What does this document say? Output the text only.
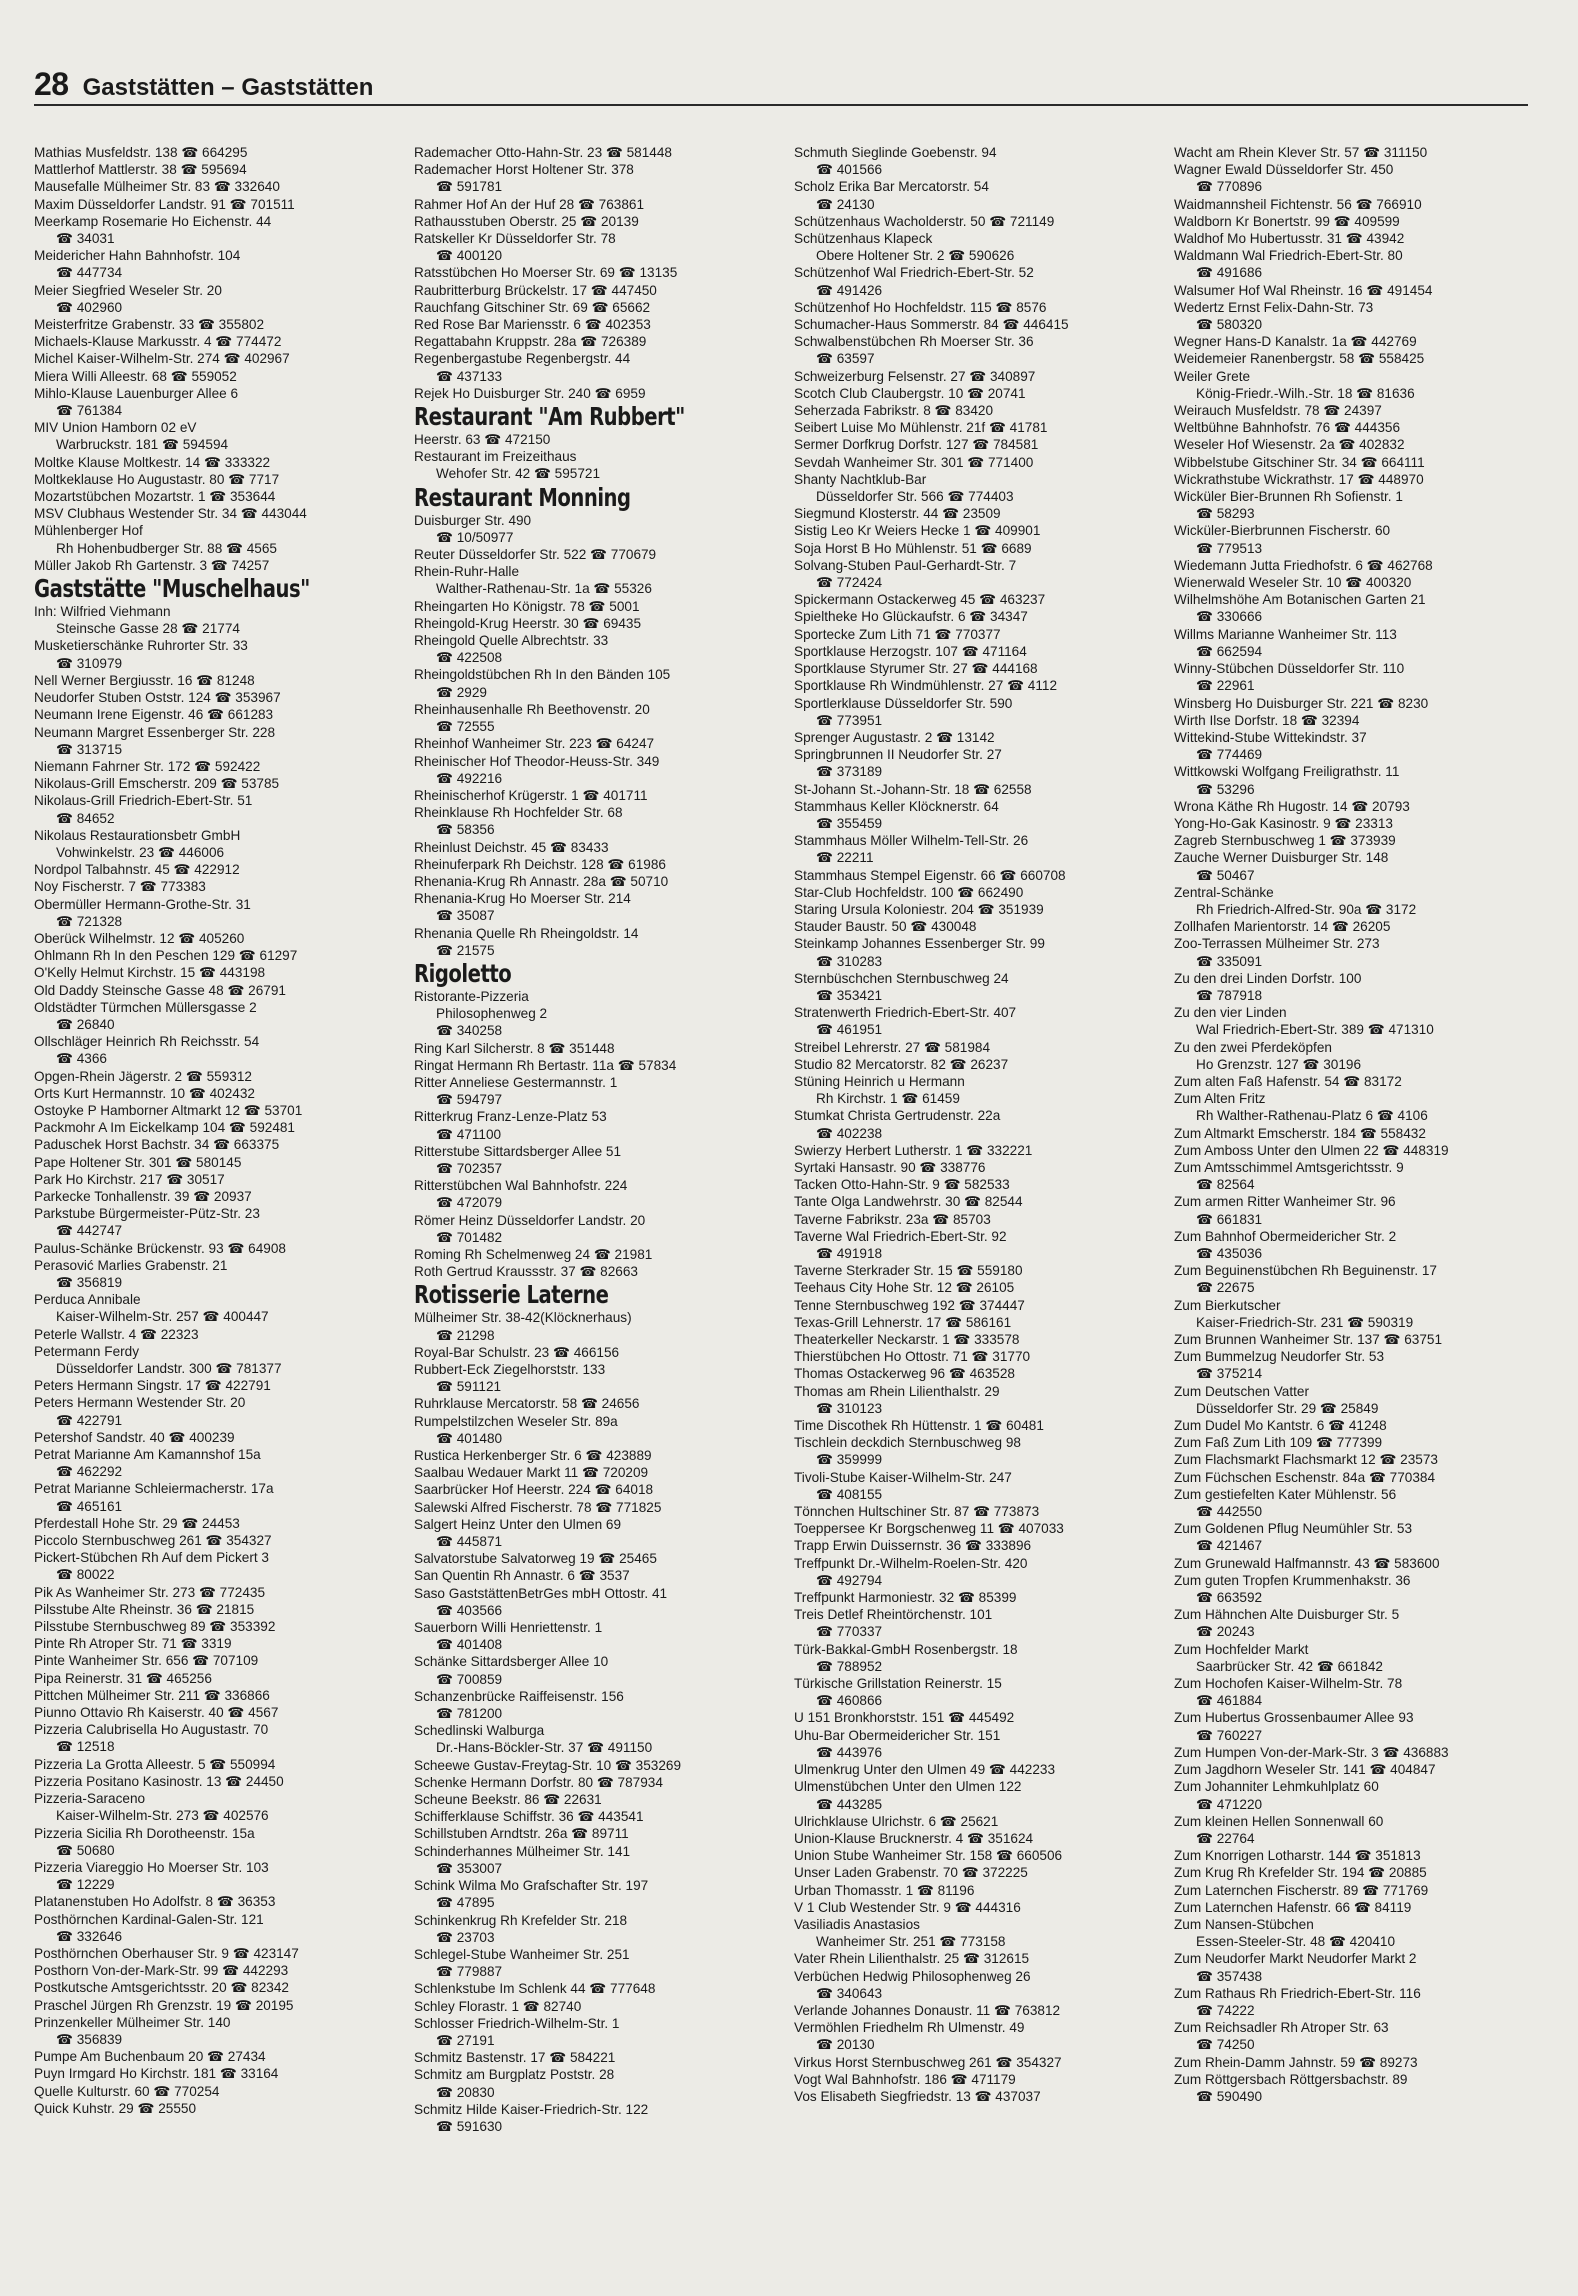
28 Gaststätten – Gaststätten
Mathias Musfeldstr. 138 ☎ 664295
Mattlerhof Mattlerstr. 38 ☎ 595694
Mausefalle Mülheimer Str. 83 ☎ 332640
Maxim Düsseldorfer Landstr. 91 ☎ 701511
Meerkamp Rosemarie Ho Eichenstr. 44
☎ 34031
Meidericher Hahn Bahnhofstr. 104
☎ 447734
Meier Siegfried Weseler Str. 20
☎ 402960
Meisterfritze Grabenstr. 33 ☎ 355802
Michaels-Klause Markusstr. 4 ☎ 774472
Michel Kaiser-Wilhelm-Str. 274 ☎ 402967
Miera Willi Alleestr. 68 ☎ 559052
Mihlo-Klause Lauenburger Allee 6
☎ 761384
MIV Union Hamborn 02 eV
Warbruckstr. 181 ☎ 594594
Moltke Klause Moltkestr. 14 ☎ 333322
Moltkeklause Ho Augustastr. 80 ☎ 7717
Mozartstübchen Mozartstr. 1 ☎ 353644
MSV Clubhaus Westender Str. 34 ☎ 443044
Mühlenberger Hof
Rh Hohenbudberger Str. 88 ☎ 4565
Müller Jakob Rh Gartenstr. 3 ☎ 74257
Gaststätte "Muschelhaus"
Inh: Wilfried Viehmann
Steinsche Gasse 28 ☎ 21774
Musketierschänke Ruhrorter Str. 33
☎ 310979
Nell Werner Bergiusstr. 16 ☎ 81248
Neudorfer Stuben Oststr. 124 ☎ 353967
Neumann Irene Eigenstr. 46 ☎ 661283
Neumann Margret Essenberger Str. 228
☎ 313715
Niemann Fahrner Str. 172 ☎ 592422
Nikolaus-Grill Emscherstr. 209 ☎ 53785
Nikolaus-Grill Friedrich-Ebert-Str. 51
☎ 84652
Nikolaus Restaurationsbetr GmbH
Vohwinkelstr. 23 ☎ 446006
Nordpol Talbahnstr. 45 ☎ 422912
Noy Fischerstr. 7 ☎ 773383
Obermüller Hermann-Grothe-Str. 31
☎ 721328
Oberück Wilhelmstr. 12 ☎ 405260
Ohlmann Rh In den Peschen 129 ☎ 61297
O'Kelly Helmut Kirchstr. 15 ☎ 443198
Old Daddy Steinsche Gasse 48 ☎ 26791
Oldstädter Türmchen Müllersgasse 2
☎ 26840
Ollschläger Heinrich Rh Reichsstr. 54
☎ 4366
Opgen-Rhein Jägerstr. 2 ☎ 559312
Orts Kurt Hermannstr. 10 ☎ 402432
Ostoyke P Hamborner Altmarkt 12 ☎ 53701
Packmohr A Im Eickelkamp 104 ☎ 592481
Paduschek Horst Bachstr. 34 ☎ 663375
Pape Holtener Str. 301 ☎ 580145
Park Ho Kirchstr. 217 ☎ 30517
Parkecke Tonhallenstr. 39 ☎ 20937
Parkstube Bürgermeister-Pütz-Str. 23
☎ 442747
Paulus-Schänke Brückenstr. 93 ☎ 64908
Perasović Marlies Grabenstr. 21
☎ 356819
Perduca Annibale
Kaiser-Wilhelm-Str. 257 ☎ 400447
Peterle Wallstr. 4 ☎ 22323
Petermann Ferdy
Düsseldorfer Landstr. 300 ☎ 781377
Peters Hermann Singstr. 17 ☎ 422791
Peters Hermann Westender Str. 20
☎ 422791
Petershof Sandstr. 40 ☎ 400239
Petrat Marianne Am Kamannshof 15a
☎ 462292
Petrat Marianne Schleiermacherstr. 17a
☎ 465161
Pferdestall Hohe Str. 29 ☎ 24453
Piccolo Sternbuschweg 261 ☎ 354327
Pickert-Stübchen Rh Auf dem Pickert 3
☎ 80022
Pik As Wanheimer Str. 273 ☎ 772435
Pilsstube Alte Rheinstr. 36 ☎ 21815
Pilsstube Sternbuschweg 89 ☎ 353392
Pinte Rh Atroper Str. 71 ☎ 3319
Pinte Wanheimer Str. 656 ☎ 707109
Pipa Reinerstr. 31 ☎ 465256
Pittchen Mülheimer Str. 211 ☎ 336866
Piunno Ottavio Rh Kaiserstr. 40 ☎ 4567
Pizzeria Calubrisella Ho Augustastr. 70
☎ 12518
Pizzeria La Grotta Alleestr. 5 ☎ 550994
Pizzeria Positano Kasinostr. 13 ☎ 24450
Pizzeria-Saraceno
Kaiser-Wilhelm-Str. 273 ☎ 402576
Pizzeria Sicilia Rh Dorotheenstr. 15a
☎ 50680
Pizzeria Viareggio Ho Moerser Str. 103
☎ 12229
Platanenstuben Ho Adolfstr. 8 ☎ 36353
Posthörnchen Kardinal-Galen-Str. 121
☎ 332646
Posthörnchen Oberhauser Str. 9 ☎ 423147
Posthorn Von-der-Mark-Str. 99 ☎ 442293
Postkutsche Amtsgerichtsstr. 20 ☎ 82342
Praschel Jürgen Rh Grenzstr. 19 ☎ 20195
Prinzenkeller Mülheimer Str. 140
☎ 356839
Pumpe Am Buchenbaum 20 ☎ 27434
Puyn Irmgard Ho Kirchstr. 181 ☎ 33164
Quelle Kulturstr. 60 ☎ 770254
Quick Kuhstr. 29 ☎ 25550
Rademacher Otto-Hahn-Str. 23 ☎ 581448
Rademacher Horst Holtener Str. 378
☎ 591781
Rahmer Hof An der Huf 28 ☎ 763861
Rathausstuben Oberstr. 25 ☎ 20139
Ratskeller Kr Düsseldorfer Str. 78
☎ 400120
Ratsstübchen Ho Moerser Str. 69 ☎ 13135
Raubritterburg Brückelstr. 17 ☎ 447450
Rauchfang Gitschiner Str. 69 ☎ 65662
Red Rose Bar Mariensstr. 6 ☎ 402353
Regattabahn Kruppstr. 28a ☎ 726389
Regenbergastube Regenbergstr. 44
☎ 437133
Rejek Ho Duisburger Str. 240 ☎ 6959
Restaurant "Am Rubbert"
Heerstr. 63 ☎ 472150
Restaurant im Freizeithaus
Wehofer Str. 42 ☎ 595721
Restaurant Monning
Duisburger Str. 490
☎ 10/50977
Reuter Düsseldorfer Str. 522 ☎ 770679
Rhein-Ruhr-Halle
Walther-Rathenau-Str. 1a ☎ 55326
Rheingarten Ho Königstr. 78 ☎ 5001
Rheingold-Krug Heerstr. 30 ☎ 69435
Rheingold Quelle Albrechtstr. 33
☎ 422508
Rheingoldstübchen Rh In den Bänden 105
☎ 2929
Rheinhausenhalle Rh Beethovenstr. 20
☎ 72555
Rheinhof Wanheimer Str. 223 ☎ 64247
Rheinischer Hof Theodor-Heuss-Str. 349
☎ 492216
Rheinischerhof Krügerstr. 1 ☎ 401711
Rheinklause Rh Hochfelder Str. 68
☎ 58356
Rheinlust Deichstr. 45 ☎ 83433
Rheinuferpark Rh Deichstr. 128 ☎ 61986
Rhenania-Krug Rh Annastr. 28a ☎ 50710
Rhenania-Krug Ho Moerser Str. 214
☎ 35087
Rhenania Quelle Rh Rheingoldstr. 14
☎ 21575
Rigoletto
Ristorante-Pizzeria
Philosophenweg 2
☎ 340258
Ring Karl Silcherstr. 8 ☎ 351448
Ringat Hermann Rh Bertastr. 11a ☎ 57834
Ritter Anneliese Gestermannstr. 1
☎ 594797
Ritterkrug Franz-Lenze-Platz 53
☎ 471100
Ritterstube Sittardsberger Allee 51
☎ 702357
Ritterstübchen Wal Bahnhofstr. 224
☎ 472079
Römer Heinz Düsseldorfer Landstr. 20
☎ 701482
Roming Rh Schelmenweg 24 ☎ 21981
Roth Gertrud Kraussstr. 37 ☎ 82663
Rotisserie Laterne
Mülheimer Str. 38-42(Klöcknerhaus)
☎ 21298
Royal-Bar Schulstr. 23 ☎ 466156
Rubbert-Eck Ziegelhorststr. 133
☎ 591121
Ruhrklause Mercatorstr. 58 ☎ 24656
Rumpelstilzchen Weseler Str. 89a
☎ 401480
Rustica Herkenberger Str. 6 ☎ 423889
Saalbau Wedauer Markt 11 ☎ 720209
Saarbrücker Hof Heerstr. 224 ☎ 64018
Salewski Alfred Fischerstr. 78 ☎ 771825
Salgert Heinz Unter den Ulmen 69
☎ 445871
Salvatorstube Salvatorweg 19 ☎ 25465
San Quentin Rh Annastr. 6 ☎ 3537
Saso GaststättenBetrGes mbH Ottostr. 41
☎ 403566
Sauerborn Willi Henriettenstr. 1
☎ 401408
Schänke Sittardsberger Allee 10
☎ 700859
Schanzenbrücke Raiffeisenstr. 156
☎ 781200
Schedlinski Walburga
Dr.-Hans-Böckler-Str. 37 ☎ 491150
Scheewe Gustav-Freytag-Str. 10 ☎ 353269
Schenke Hermann Dorfstr. 80 ☎ 787934
Scheune Beekstr. 86 ☎ 22631
Schifferklause Schiffstr. 36 ☎ 443541
Schillstuben Arndtstr. 26a ☎ 89711
Schinderhannes Mülheimer Str. 141
☎ 353007
Schink Wilma Mo Grafschafter Str. 197
☎ 47895
Schinkenkrug Rh Krefelder Str. 218
☎ 23703
Schlegel-Stube Wanheimer Str. 251
☎ 779887
Schlenkstube Im Schlenk 44 ☎ 777648
Schley Florastr. 1 ☎ 82740
Schlosser Friedrich-Wilhelm-Str. 1
☎ 27191
Schmitz Bastenstr. 17 ☎ 584221
Schmitz am Burgplatz Poststr. 28
☎ 20830
Schmitz Hilde Kaiser-Friedrich-Str. 122
☎ 591630
Schmuth Sieglinde Goebenstr. 94
☎ 401566
Scholz Erika Bar Mercatorstr. 54
☎ 24130
Schützenhaus Wacholderstr. 50 ☎ 721149
Schützenhaus Klapeck
Obere Holtener Str. 2 ☎ 590626
Schützenhof Wal Friedrich-Ebert-Str. 52
☎ 491426
Schützenhof Ho Hochfeldstr. 115 ☎ 8576
Schumacher-Haus Sommerstr. 84 ☎ 446415
Schwalbenstübchen Rh Moerser Str. 36
☎ 63597
Schweizerburg Felsenstr. 27 ☎ 340897
Scotch Club Claubergstr. 10 ☎ 20741
Seherzada Fabrikstr. 8 ☎ 83420
Seibert Luise Mo Mühlenstr. 21f ☎ 41781
Sermer Dorfkrug Dorfstr. 127 ☎ 784581
Sevdah Wanheimer Str. 301 ☎ 771400
Shanty Nachtklub-Bar
Düsseldorfer Str. 566 ☎ 774403
Siegmund Klosterstr. 44 ☎ 23509
Sistig Leo Kr Weiers Hecke 1 ☎ 409901
Soja Horst B Ho Mühlenstr. 51 ☎ 6689
Solvang-Stuben Paul-Gerhardt-Str. 7
☎ 772424
Spickermann Ostackerweg 45 ☎ 463237
Spieltheke Ho Glückaufstr. 6 ☎ 34347
Sportecke Zum Lith 71 ☎ 770377
Sportklause Herzogstr. 107 ☎ 471164
Sportklause Styrumer Str. 27 ☎ 444168
Sportklause Rh Windmühlenstr. 27 ☎ 4112
Sportlerklause Düsseldorfer Str. 590
☎ 773951
Sprenger Augustastr. 2 ☎ 13142
Springbrunnen II Neudorfer Str. 27
☎ 373189
St-Johann St.-Johann-Str. 18 ☎ 62558
Stammhaus Keller Klöcknerstr. 64
☎ 355459
Stammhaus Möller Wilhelm-Tell-Str. 26
☎ 22211
Stammhaus Stempel Eigenstr. 66 ☎ 660708
Star-Club Hochfeldstr. 100 ☎ 662490
Staring Ursula Koloniestr. 204 ☎ 351939
Stauder Baustr. 50 ☎ 430048
Steinkamp Johannes Essenberger Str. 99
☎ 310283
Sternbüschchen Sternbuschweg 24
☎ 353421
Stratenwerth Friedrich-Ebert-Str. 407
☎ 461951
Streibel Lehrerstr. 27 ☎ 581984
Studio 82 Mercatorstr. 82 ☎ 26237
Stüning Heinrich u Hermann
Rh Kirchstr. 1 ☎ 61459
Stumkat Christa Gertrudenstr. 22a
☎ 402238
Swierzy Herbert Lutherstr. 1 ☎ 332221
Syrtaki Hansastr. 90 ☎ 338776
Tacken Otto-Hahn-Str. 9 ☎ 582533
Tante Olga Landwehrstr. 30 ☎ 82544
Taverne Fabrikstr. 23a ☎ 85703
Taverne Wal Friedrich-Ebert-Str. 92
☎ 491918
Taverne Sterkrader Str. 15 ☎ 559180
Teehaus City Hohe Str. 12 ☎ 26105
Tenne Sternbuschweg 192 ☎ 374447
Texas-Grill Lehnerstr. 17 ☎ 586161
Theaterkeller Neckarstr. 1 ☎ 333578
Thierstübchen Ho Ottostr. 71 ☎ 31770
Thomas Ostackerweg 96 ☎ 463528
Thomas am Rhein Lilienthalstr. 29
☎ 310123
Time Discothek Rh Hüttenstr. 1 ☎ 60481
Tischlein deckdich Sternbuschweg 98
☎ 359999
Tivoli-Stube Kaiser-Wilhelm-Str. 247
☎ 408155
Tönnchen Hultschiner Str. 87 ☎ 773873
Toeppersee Kr Borgschenweg 11 ☎ 407033
Trapp Erwin Duissernstr. 36 ☎ 333896
Treffpunkt Dr.-Wilhelm-Roelen-Str. 420
☎ 492794
Treffpunkt Harmoniestr. 32 ☎ 85399
Treis Detlef Rheintörchenstr. 101
☎ 770337
Türk-Bakkal-GmbH Rosenbergstr. 18
☎ 788952
Türkische Grillstation Reinerstr. 15
☎ 460866
U 151 Bronkhorststr. 151 ☎ 445492
Uhu-Bar Obermeidericher Str. 151
☎ 443976
Ulmenkrug Unter den Ulmen 49 ☎ 442233
Ulmenstübchen Unter den Ulmen 122
☎ 443285
Ulrichklause Ulrichstr. 6 ☎ 25621
Union-Klause Brucknerstr. 4 ☎ 351624
Union Stube Wanheimer Str. 158 ☎ 660506
Unser Laden Grabenstr. 70 ☎ 372225
Urban Thomasstr. 1 ☎ 81196
V 1 Club Westender Str. 9 ☎ 444316
Vasiliadis Anastasios
Wanheimer Str. 251 ☎ 773158
Vater Rhein Lilienthalstr. 25 ☎ 312615
Verbüchen Hedwig Philosophenweg 26
☎ 340643
Verlande Johannes Donaustr. 11 ☎ 763812
Vermöhlen Friedhelm Rh Ulmenstr. 49
☎ 20130
Virkus Horst Sternbuschweg 261 ☎ 354327
Vogt Wal Bahnhofstr. 186 ☎ 471179
Vos Elisabeth Siegfriedstr. 13 ☎ 437037
Wacht am Rhein Klever Str. 57 ☎ 311150
Wagner Ewald Düsseldorfer Str. 450
☎ 770896
Waidmannsheil Fichtenstr. 56 ☎ 766910
Waldborn Kr Bonertstr. 99 ☎ 409599
Waldhof Mo Hubertusstr. 31 ☎ 43942
Waldmann Wal Friedrich-Ebert-Str. 80
☎ 491686
Walsumer Hof Wal Rheinstr. 16 ☎ 491454
Wedertz Ernst Felix-Dahn-Str. 73
☎ 580320
Wegner Hans-D Kanalstr. 1a ☎ 442769
Weidemeier Ranenbergstr. 58 ☎ 558425
Weiler Grete
König-Friedr.-Wilh.-Str. 18 ☎ 81636
Weirauch Musfeldstr. 78 ☎ 24397
Weltbühne Bahnhofstr. 76 ☎ 444356
Weseler Hof Wiesenstr. 2a ☎ 402832
Wibbelstube Gitschiner Str. 34 ☎ 664111
Wickrathstube Wickrathstr. 17 ☎ 448970
Wicküler Bier-Brunnen Rh Sofienstr. 1
☎ 58293
Wicküler-Bierbrunnen Fischerstr. 60
☎ 779513
Wiedemann Jutta Friedhofstr. 6 ☎ 462768
Wienerwald Weseler Str. 10 ☎ 400320
Wilhelmshöhe Am Botanischen Garten 21
☎ 330666
Willms Marianne Wanheimer Str. 113
☎ 662594
Winny-Stübchen Düsseldorfer Str. 110
☎ 22961
Winsberg Ho Duisburger Str. 221 ☎ 8230
Wirth Ilse Dorfstr. 18 ☎ 32394
Wittekind-Stube Wittekindstr. 37
☎ 774469
Wittkowski Wolfgang Freiligrathstr. 11
☎ 53296
Wrona Käthe Rh Hugostr. 14 ☎ 20793
Yong-Ho-Gak Kasinostr. 9 ☎ 23313
Zagreb Sternbuschweg 1 ☎ 373939
Zauche Werner Duisburger Str. 148
☎ 50467
Zentral-Schänke
Rh Friedrich-Alfred-Str. 90a ☎ 3172
Zollhafen Marientorstr. 14 ☎ 26205
Zoo-Terrassen Mülheimer Str. 273
☎ 335091
Zu den drei Linden Dorfstr. 100
☎ 787918
Zu den vier Linden
Wal Friedrich-Ebert-Str. 389 ☎ 471310
Zu den zwei Pferdeköpfen
Ho Grenzstr. 127 ☎ 30196
Zum alten Faß Hafenstr. 54 ☎ 83172
Zum Alten Fritz
Rh Walther-Rathenau-Platz 6 ☎ 4106
Zum Altmarkt Emscherstr. 184 ☎ 558432
Zum Amboss Unter den Ulmen 22 ☎ 448319
Zum Amtsschimmel Amtsgerichtsstr. 9
☎ 82564
Zum armen Ritter Wanheimer Str. 96
☎ 661831
Zum Bahnhof Obermeidericher Str. 2
☎ 435036
Zum Beguinenstübchen Rh Beguinenstr. 17
☎ 22675
Zum Bierkutscher
Kaiser-Friedrich-Str. 231 ☎ 590319
Zum Brunnen Wanheimer Str. 137 ☎ 63751
Zum Bummelzug Neudorfer Str. 53
☎ 375214
Zum Deutschen Vatter
Düsseldorfer Str. 29 ☎ 25849
Zum Dudel Mo Kantstr. 6 ☎ 41248
Zum Faß Zum Lith 109 ☎ 777399
Zum Flachsmarkt Flachsmarkt 12 ☎ 23573
Zum Füchschen Eschenstr. 84a ☎ 770384
Zum gestiefelten Kater Mühlenstr. 56
☎ 442550
Zum Goldenen Pflug Neumühler Str. 53
☎ 421467
Zum Grunewald Halfmannstr. 43 ☎ 583600
Zum guten Tropfen Krummenhakstr. 36
☎ 663592
Zum Hähnchen Alte Duisburger Str. 5
☎ 20243
Zum Hochfelder Markt
Saarbrücker Str. 42 ☎ 661842
Zum Hochofen Kaiser-Wilhelm-Str. 78
☎ 461884
Zum Hubertus Grossenbaumer Allee 93
☎ 760227
Zum Humpen Von-der-Mark-Str. 3 ☎ 436883
Zum Jagdhorn Weseler Str. 141 ☎ 404847
Zum Johanniter Lehmkuhlplatz 60
☎ 471220
Zum kleinen Hellen Sonnenwall 60
☎ 22764
Zum Knorrigen Lotharstr. 144 ☎ 351813
Zum Krug Rh Krefelder Str. 194 ☎ 20885
Zum Laternchen Fischerstr. 89 ☎ 771769
Zum Laternchen Hafenstr. 66 ☎ 84119
Zum Nansen-Stübchen
Essen-Steeler-Str. 48 ☎ 420410
Zum Neudorfer Markt Neudorfer Markt 2
☎ 357438
Zum Rathaus Rh Friedrich-Ebert-Str. 116
☎ 74222
Zum Reichsadler Rh Atroper Str. 63
☎ 74250
Zum Rhein-Damm Jahnstr. 59 ☎ 89273
Zum Röttgersbach Röttgersbachstr. 89
☎ 590490
